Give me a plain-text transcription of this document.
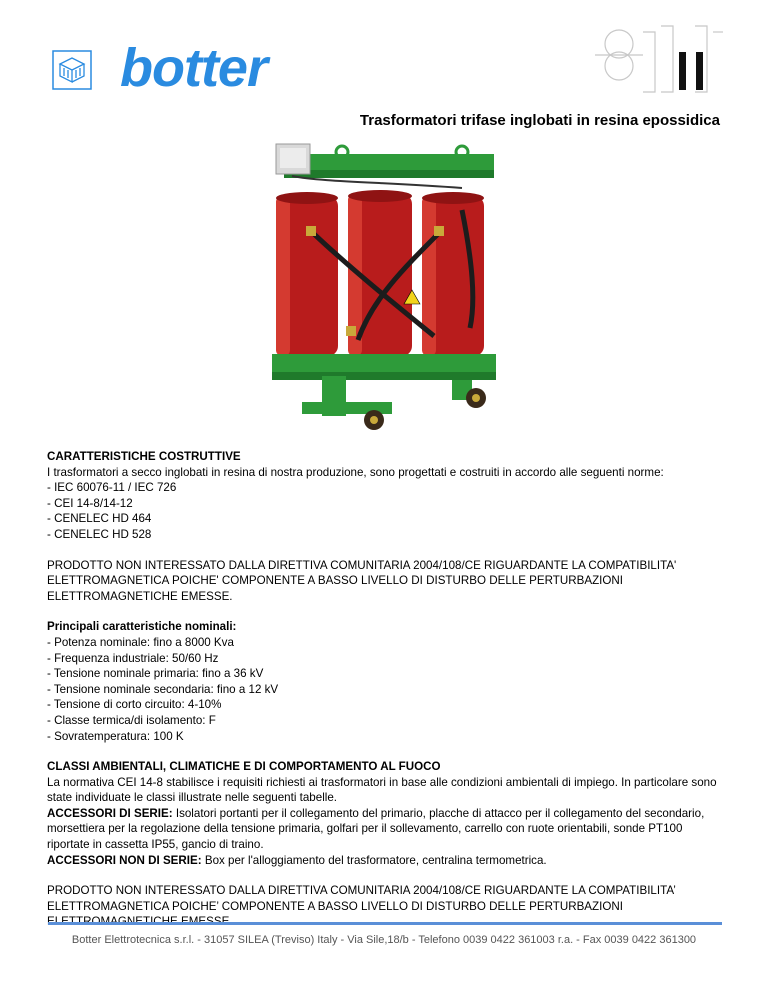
botter
Trasformatori trifase inglobati in resina epossidica
CARATTERISTICHE COSTRUTTIVE
I trasformatori a secco inglobati in resina di nostra produzione, sono progettati e costruiti in accordo alle seguenti norme:
- IEC 60076-11 / IEC 726
- CEI 14-8/14-12
- CENELEC HD 464
- CENELEC HD 528
PRODOTTO NON INTERESSATO DALLA DIRETTIVA COMUNITARIA 2004/108/CE RIGUARDANTE LA COMPATIBILITA'
ELETTROMAGNETICA POICHE' COMPONENTE A BASSO LIVELLO DI DISTURBO DELLE PERTURBAZIONI
ELETTROMAGNETICHE EMESSE.
Principali caratteristiche nominali:
- Potenza nominale: fino a 8000 Kva
- Frequenza industriale: 50/60 Hz
- Tensione nominale primaria: fino a 36 kV
- Tensione nominale secondaria: fino a 12 kV
- Tensione di corto circuito: 4-10%
- Classe termica/di isolamento: F
- Sovratemperatura: 100 K
CLASSI AMBIENTALI, CLIMATICHE E DI COMPORTAMENTO AL FUOCO
La normativa CEI 14-8 stabilisce i requisiti richiesti ai trasformatori in base alle condizioni ambientali di impiego. In particolare sono
state individuate le classi illustrate nelle seguenti tabelle.
ACCESSORI DI SERIE: Isolatori portanti per il collegamento del primario, placche di attacco per il collegamento del secondario,
morsettiera per la regolazione della tensione primaria, golfari per il sollevamento, carrello con ruote orientabili, sonde PT100
riportate in cassetta IP55, gancio di traino.
ACCESSORI NON DI SERIE: Box per l'alloggiamento del trasformatore, centralina termometrica.
PRODOTTO NON INTERESSATO DALLA DIRETTIVA COMUNITARIA 2004/108/CE RIGUARDANTE LA COMPATIBILITA’
ELETTROMAGNETICA POICHE’ COMPONENTE A BASSO LIVELLO DI DISTURBO DELLE PERTURBAZIONI
Botter Elettrotecnica s.r.l. - 31057 SILEA (Treviso) Italy - Via Sile,18/b - Telefono 0039 0422 361003 r.a. - Fax 0039 0422 361300
